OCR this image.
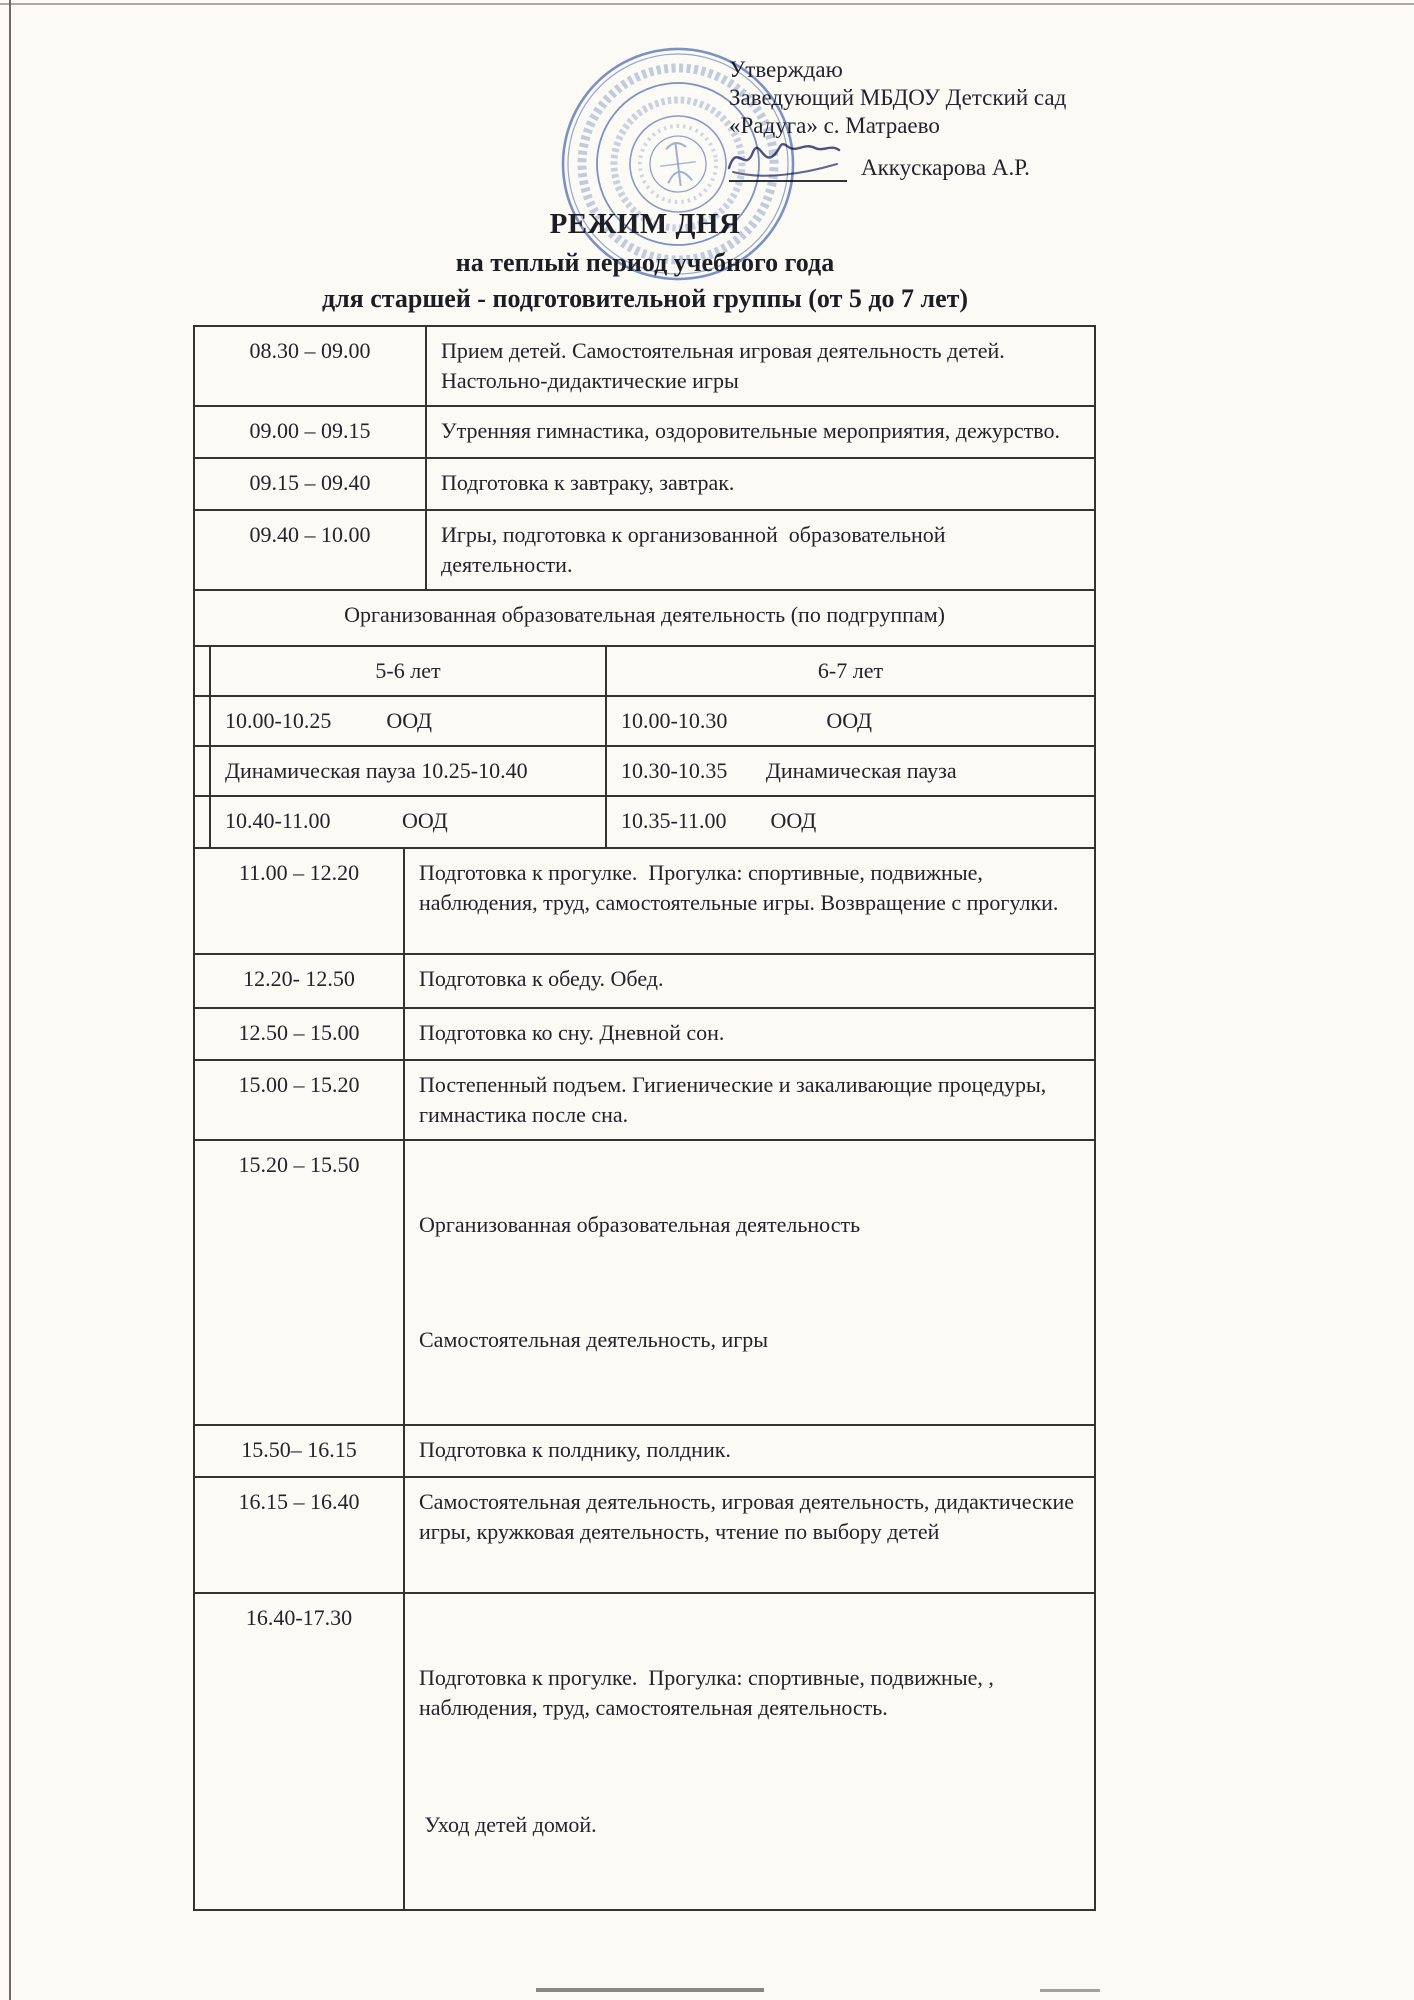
Утверждаю
Заведующий МБДОУ Детский сад
«Радуга» с. Матраево
Аккускарова А.Р.
РЕЖИМ ДНЯ
на теплый период учебного года
для старшей - подготовительной группы (от 5 до 7 лет)
08.30 – 09.00	Прием детей. Самостоятельная игровая деятельность детей. Настольно-дидактические игры
09.00 – 09.15	Утренняя гимнастика, оздоровительные мероприятия, дежурство.
09.15 – 09.40	Подготовка к завтраку, завтрак.
09.40 – 10.00	Игры, подготовка к организованной  образовательной деятельности.
Организованная образовательная деятельность (по подгруппам)		
	5-6 лет	6-7 лет
	10.00-10.25          ООД	10.00-10.30                  ООД
	Динамическая пауза 10.25-10.40	10.30-10.35       Динамическая пауза
	10.40-11.00             ООД	10.35-11.00        ООД
11.00 – 12.20	Подготовка к прогулке.  Прогулка: спортивные, подвижные, наблюдения, труд, самостоятельные игры. Возвращение с прогулки.
12.20- 12.50	Подготовка к обеду. Обед.
12.50 – 15.00	Подготовка ко сну. Дневной сон.
15.00 – 15.20	Постепенный подъем. Гигиенические и закаливающие процедуры, гимнастика после сна.
15.20 – 15.50	Организованная образовательная деятельность

Самостоятельная деятельность, игры

15.50– 16.15	Подготовка к полднику, полдник.
16.15 – 16.40	Самостоятельная деятельность, игровая деятельность, дидактические игры, кружковая деятельность, чтение по выбору детей
16.40-17.30	Подготовка к прогулке.  Прогулка: спортивные, подвижные, , наблюдения, труд, самостоятельная деятельность.

Уход детей домой.
